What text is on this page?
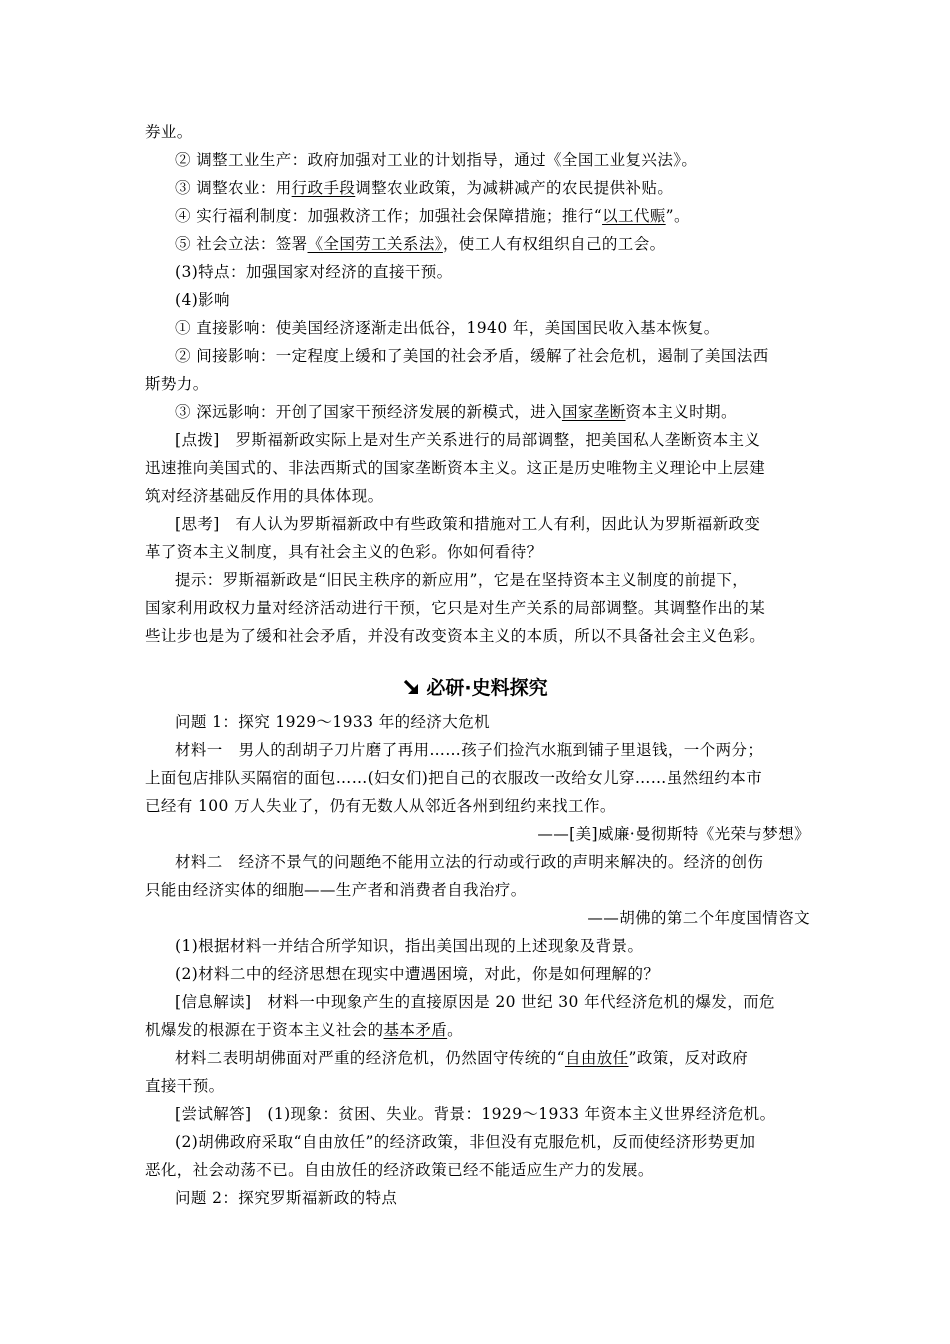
券业。
② 调整工业生产：政府加强对工业的计划指导，通过《全国工业复兴法》。
③ 调整农业：用行政手段调整农业政策，为减耕减产的农民提供补贴。
④ 实行福利制度：加强救济工作；加强社会保障措施；推行“以工代赈”。
⑤ 社会立法：签署《全国劳工关系法》，使工人有权组织自己的工会。
(3)特点：加强国家对经济的直接干预。
(4)影响
① 直接影响：使美国经济逐渐走出低谷，1940 年，美国国民收入基本恢复。
② 间接影响：一定程度上缓和了美国的社会矛盾，缓解了社会危机，遏制了美国法西
斯势力。
③ 深远影响：开创了国家干预经济发展的新模式，进入国家垄断资本主义时期。
[点拨]　罗斯福新政实际上是对生产关系进行的局部调整，把美国私人垄断资本主义
迅速推向美国式的、非法西斯式的国家垄断资本主义。这正是历史唯物主义理论中上层建
筑对经济基础反作用的具体体现。
[思考]　有人认为罗斯福新政中有些政策和措施对工人有利，因此认为罗斯福新政变
革了资本主义制度，具有社会主义的色彩。你如何看待？
提示：罗斯福新政是“旧民主秩序的新应用”，它是在坚持资本主义制度的前提下，
国家利用政权力量对经济活动进行干预，它只是对生产关系的局部调整。其调整作出的某
些让步也是为了缓和社会矛盾，并没有改变资本主义的本质，所以不具备社会主义色彩。
必研·史料探究
问题 1：探究 1929～1933 年的经济大危机
材料一　男人的刮胡子刀片磨了再用……孩子们捡汽水瓶到铺子里退钱，一个两分；
上面包店排队买隔宿的面包……(妇女们)把自己的衣服改一改给女儿穿……虽然纽约本市
已经有 100 万人失业了，仍有无数人从邻近各州到纽约来找工作。
——[美]威廉·曼彻斯特《光荣与梦想》
材料二　经济不景气的问题绝不能用立法的行动或行政的声明来解决的。经济的创伤
只能由经济实体的细胞——生产者和消费者自我治疗。
——胡佛的第二个年度国情咨文
(1)根据材料一并结合所学知识，指出美国出现的上述现象及背景。
(2)材料二中的经济思想在现实中遭遇困境，对此，你是如何理解的？
[信息解读]　材料一中现象产生的直接原因是 20 世纪 30 年代经济危机的爆发，而危
机爆发的根源在于资本主义社会的基本矛盾。
材料二表明胡佛面对严重的经济危机，仍然固守传统的“自由放任”政策，反对政府
直接干预。
[尝试解答]　(1)现象：贫困、失业。背景：1929～1933 年资本主义世界经济危机。
(2)胡佛政府采取“自由放任”的经济政策，非但没有克服危机，反而使经济形势更加
恶化，社会动荡不已。自由放任的经济政策已经不能适应生产力的发展。
问题 2：探究罗斯福新政的特点
